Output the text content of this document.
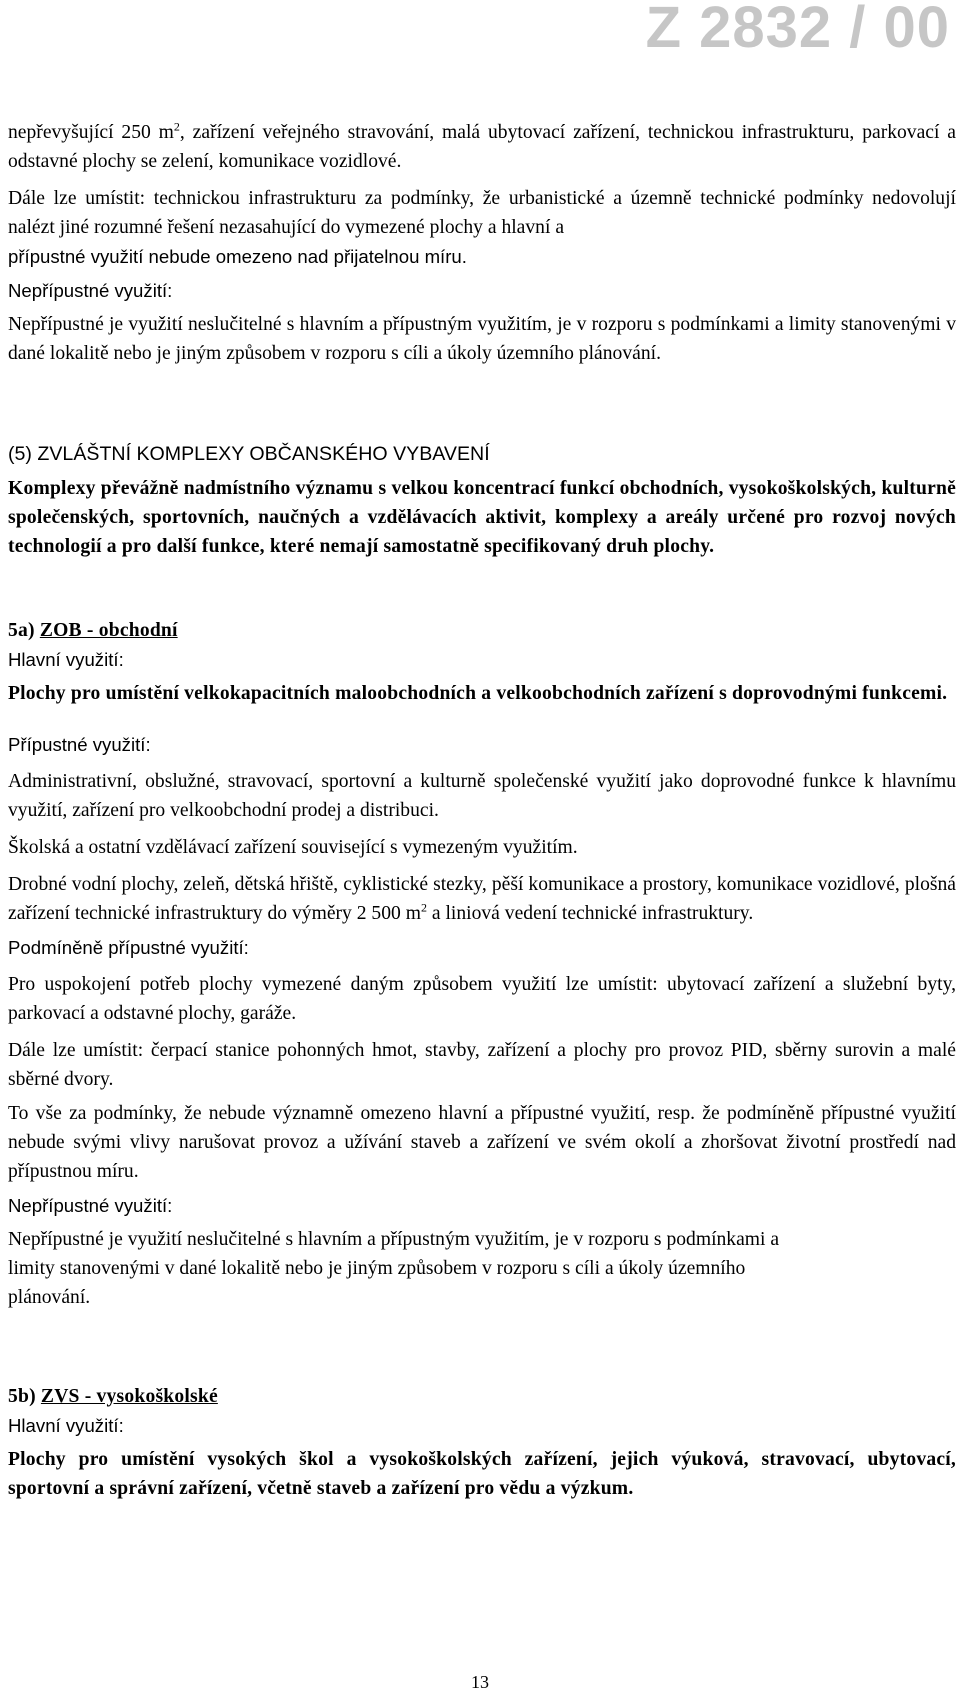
Z 2832 / 00

nepřevyšující 250 $m^2$, zařízení veřejného stravování, malá ubytovací zařízení, technickou infrastrukturu, parkovací a odstavné plochy se zelení, komunikace vozidlové.

Dále lze umístit: technickou infrastrukturu za podmínky, že urbanistické a územně technické podmínky nedovolují nalézt jiné rozumné řešení nezasahující do vymezené plochy a hlavní a

přípustné využití nebude omezeno nad přijatelnou míru.

Nepřípustné využití:

Nepřípustné je využití neslučitelné s hlavním a přípustným využitím, je v rozporu s podmínkami a limity stanovenými v dané lokalitě nebo je jiným způsobem v rozporu s cíli a úkoly územního plánování.

(5) ZVLÁŠTNÍ KOMPLEXY OBČANSKÉHO VYBAVENÍ

Komplexy převážně nadmístního významu s velkou koncentrací funkcí obchodních, vysokoškolských, kulturně společenských, sportovních, naučných a vzdělávacích aktivit, komplexy a areály určené pro rozvoj nových technologií a pro další funkce, které nemají samostatně specifikovaný druh plochy.

5a) ZOB - obchodní

Hlavní využití:

Plochy pro umístění velkokapacitních maloobchodních a velkoobchodních zařízení s doprovodnými funkcemi.

Přípustné využití:

Administrativní, obslužné, stravovací, sportovní a kulturně společenské využití jako doprovodné funkce k hlavnímu využití, zařízení pro velkoobchodní prodej a distribuci.

Školská a ostatní vzdělávací zařízení související s vymezeným využitím.

Drobné vodní plochy, zeleň, dětská hřiště, cyklistické stezky, pěší komunikace a prostory, komunikace vozidlové, plošná zařízení technické infrastruktury do výměry 2 500 $m^2$ a liniová vedení technické infrastruktury.

Podmíněně přípustné využití:

Pro uspokojení potřeb plochy vymezené daným způsobem využití lze umístit: ubytovací zařízení a služební byty, parkovací a odstavné plochy, garáže.

Dále lze umístit: čerpací stanice pohonných hmot, stavby, zařízení a plochy pro provoz PID, sběrny surovin a malé sběrné dvory.

To vše za podmínky, že nebude významně omezeno hlavní a přípustné využití, resp. že podmíněně přípustné využití nebude svými vlivy narušovat provoz a užívání staveb a zařízení ve svém okolí a zhoršovat životní prostředí nad přípustnou míru.

Nepřípustné využití:

Nepřípustné je využití neslučitelné s hlavním a přípustným využitím, je v rozporu s podmínkami a

limity stanovenými v dané lokalitě nebo je jiným způsobem v rozporu s cíli a úkoly územního

plánování.

5b) ZVS - vysokoškolské

Hlavní využití:

Plochy pro umístění vysokých škol a vysokoškolských zařízení, jejich výuková, stravovací, ubytovací, sportovní a správní zařízení, včetně staveb a zařízení pro vědu a výzkum.

13
